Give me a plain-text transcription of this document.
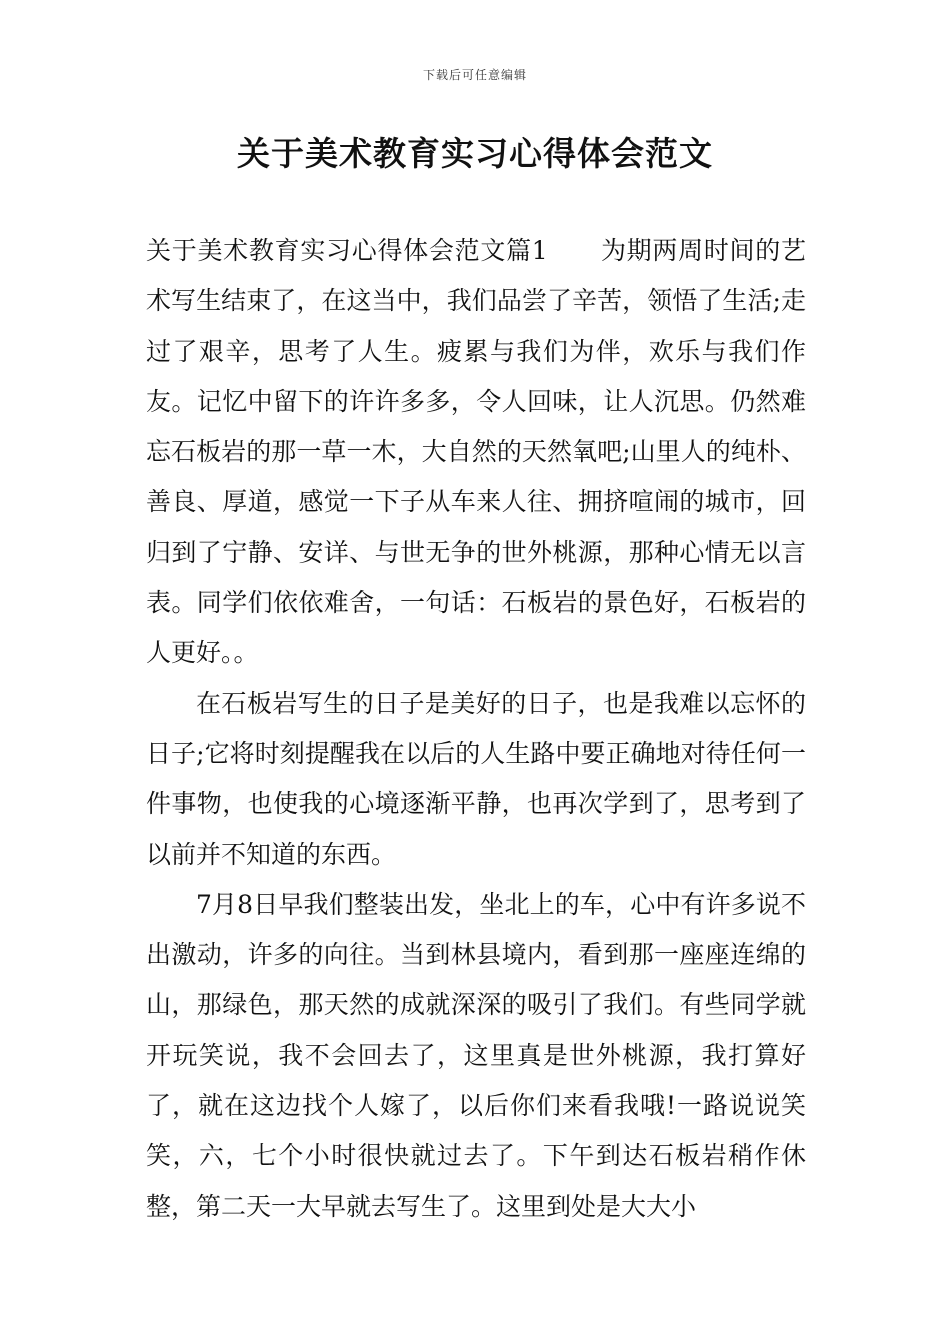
下载后可任意编辑
关于美术教育实习心得体会范文

关于美术教育实习心得体会范文篇1 为期两周时间的艺术写生结束了，在这当中，我们品尝了辛苦，领悟了生活;走过了艰辛，思考了人生。疲累与我们为伴，欢乐与我们作友。记忆中留下的许许多多，令人回味，让人沉思。仍然难忘石板岩的那一草一木，大自然的天然氧吧;山里人的纯朴、善良、厚道，感觉一下子从车来人往、拥挤喧闹的城市，回归到了宁静、安详、与世无争的世外桃源，那种心情无以言表。同学们依依难舍，一句话：石板岩的景色好，石板岩的人更好。。

在石板岩写生的日子是美好的日子，也是我难以忘怀的日子;它将时刻提醒我在以后的人生路中要正确地对待任何一件事物，也使我的心境逐渐平静，也再次学到了，思考到了以前并不知道的东西。

7月8日早我们整装出发，坐北上的车，心中有许多说不出激动，许多的向往。当到林县境内，看到那一座座连绵的山，那绿色，那天然的成就深深的吸引了我们。有些同学就开玩笑说，我不会回去了，这里真是世外桃源，我打算好了，就在这边找个人嫁了，以后你们来看我哦!一路说说笑笑，六，七个小时很快就过去了。下午到达石板岩稍作休整，第二天一大早就去写生了。这里到处是大大小
